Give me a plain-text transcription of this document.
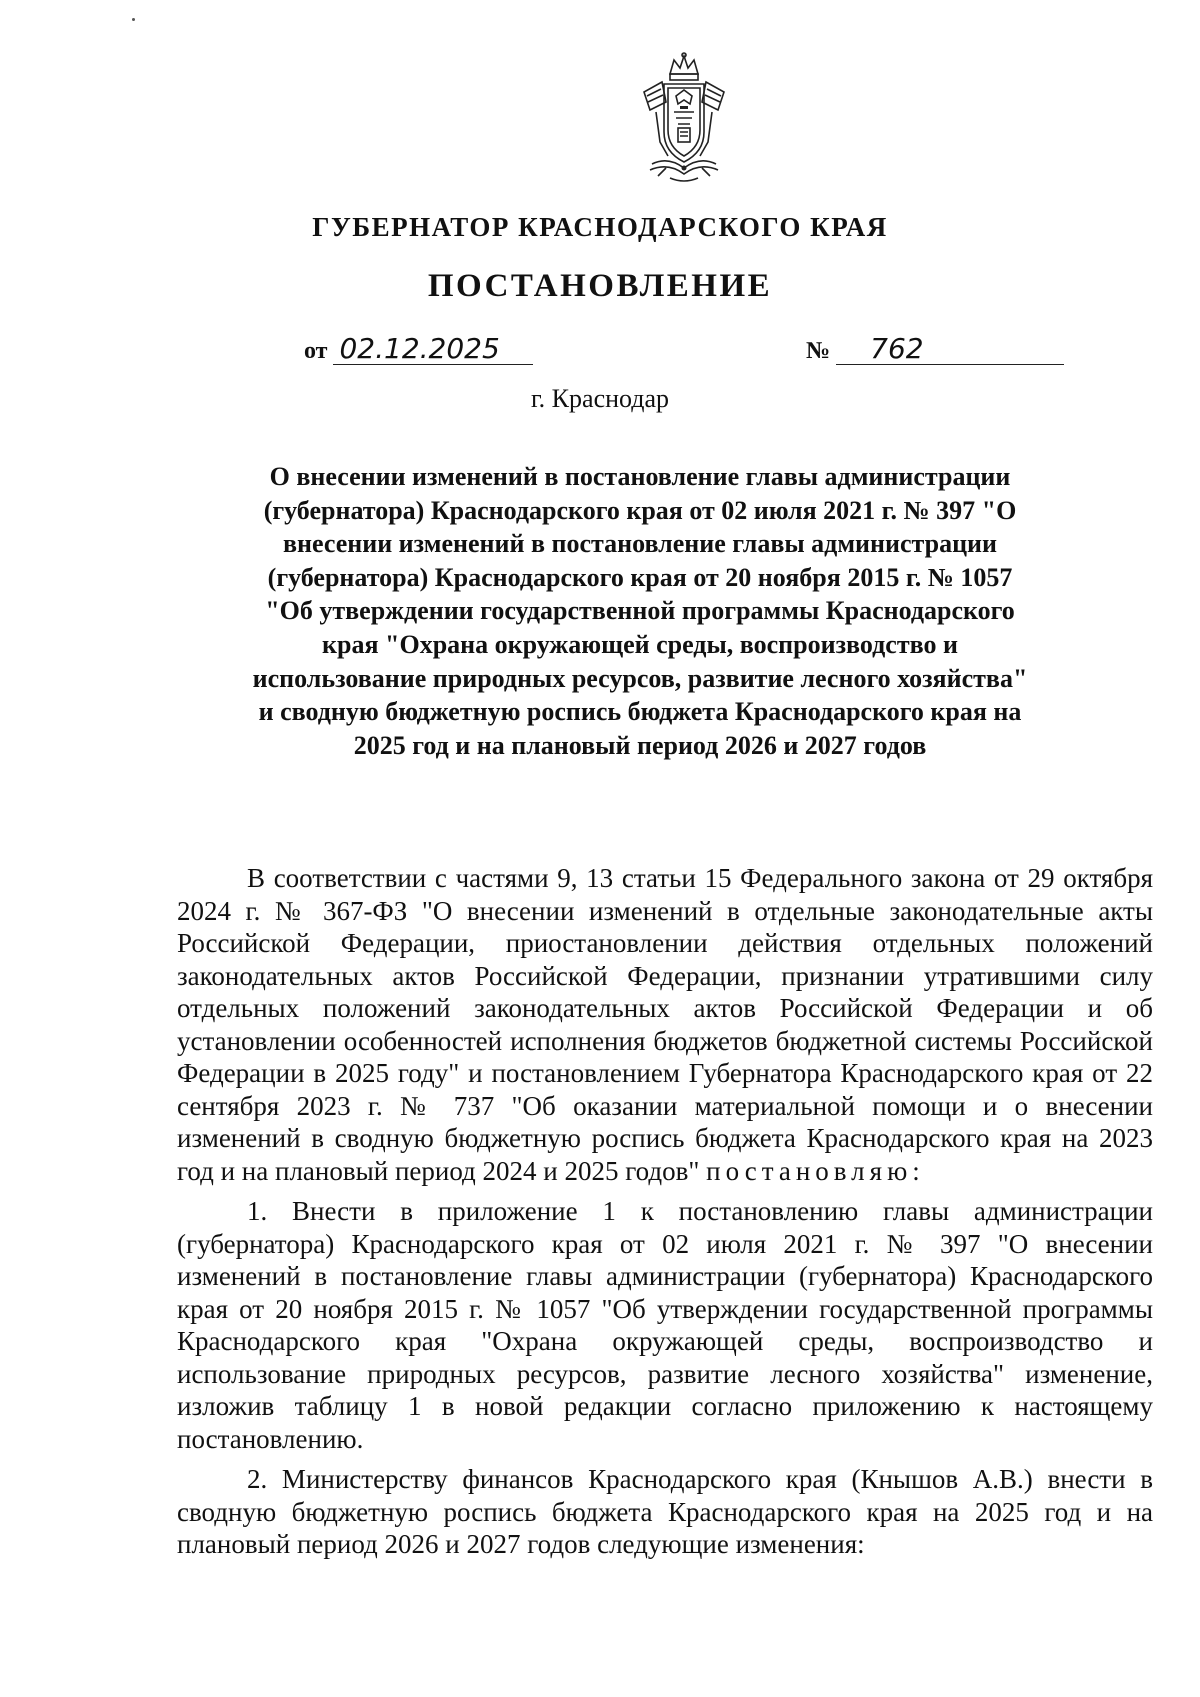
ГУБЕРНАТОР КРАСНОДАРСКОГО КРАЯ
ПОСТАНОВЛЕНИЕ
от 02.12.2025	№ 762
г. Краснодар
О внесении изменений в постановление главы администрации (губернатора) Краснодарского края от 02 июля 2021 г. № 397 "О внесении изменений в постановление главы администрации (губернатора) Краснодарского края от 20 ноября 2015 г. № 1057 "Об утверждении государственной программы Краснодарского края "Охрана окружающей среды, воспроизводство и использование природных ресурсов, развитие лесного хозяйства" и сводную бюджетную роспись бюджета Краснодарского края на 2025 год и на плановый период 2026 и 2027 годов

В соответствии с частями 9, 13 статьи 15 Федерального закона от 29 октября 2024 г. № 367-ФЗ "О внесении изменений в отдельные законодательные акты Российской Федерации, приостановлении действия отдельных положений законодательных актов Российской Федерации, признании утратившими силу отдельных положений законодательных актов Российской Федерации и об установлении особенностей исполнения бюджетов бюджетной системы Российской Федерации в 2025 году" и постановлением Губернатора Краснодарского края от 22 сентября 2023 г. № 737 "Об оказании материальной помощи и о внесении изменений в сводную бюджетную роспись бюджета Краснодарского края на 2023 год и на плановый период 2024 и 2025 годов" постановляю:

1. Внести в приложение 1 к постановлению главы администрации (губернатора) Краснодарского края от 02 июля 2021 г. № 397 "О внесении изменений в постановление главы администрации (губернатора) Краснодарского края от 20 ноября 2015 г. № 1057 "Об утверждении государственной программы Краснодарского края "Охрана окружающей среды, воспроизводство и использование природных ресурсов, развитие лесного хозяйства" изменение, изложив таблицу 1 в новой редакции согласно приложению к настоящему постановлению.

2. Министерству финансов Краснодарского края (Кнышов А.В.) внести в сводную бюджетную роспись бюджета Краснодарского края на 2025 год и на плановый период 2026 и 2027 годов следующие изменения:
